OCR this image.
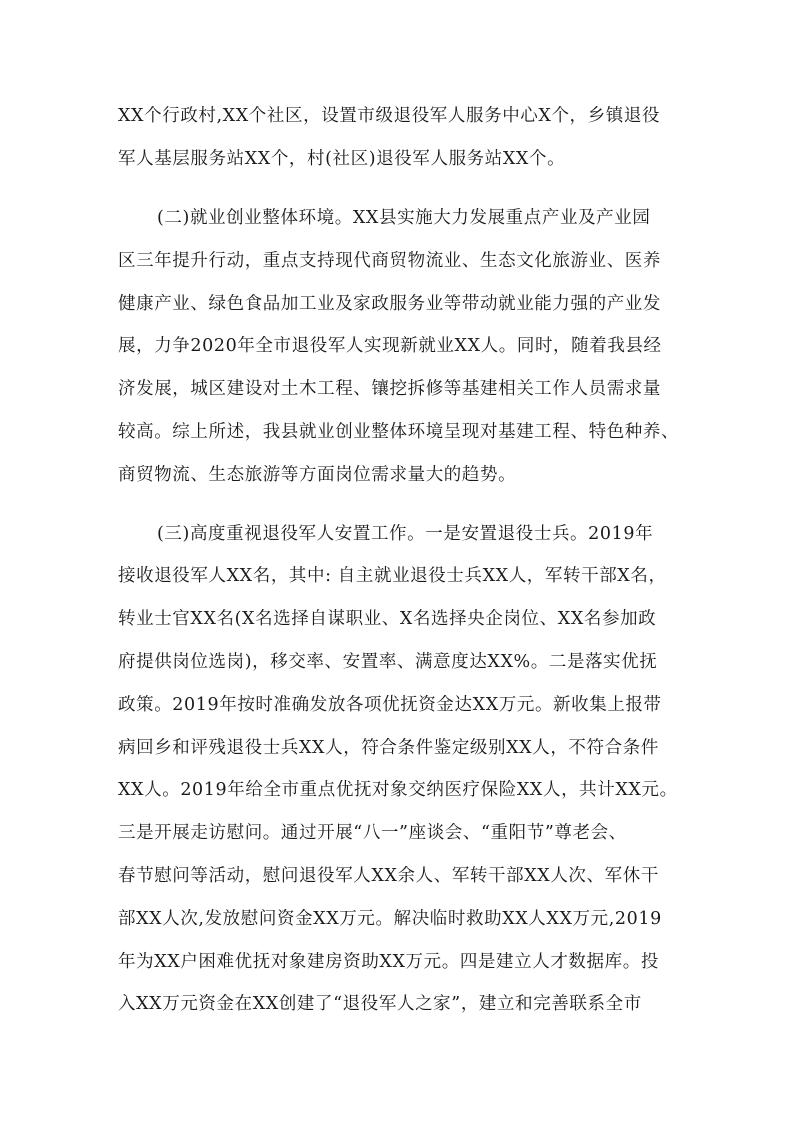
XX个行政村,XX个社区，设置市级退役军人服务中心X个，乡镇退役
军人基层服务站XX个，村(社区)退役军人服务站XX个。
(二)就业创业整体环境。XX县实施大力发展重点产业及产业园
区三年提升行动，重点支持现代商贸物流业、生态文化旅游业、医养
健康产业、绿色食品加工业及家政服务业等带动就业能力强的产业发
展，力争2020年全市退役军人实现新就业XX人。同时，随着我县经
济发展，城区建设对土木工程、镶挖拆修等基建相关工作人员需求量
较高。综上所述，我县就业创业整体环境呈现对基建工程、特色种养、
商贸物流、生态旅游等方面岗位需求量大的趋势。
(三)高度重视退役军人安置工作。一是安置退役士兵。2019年
接收退役军人XX名，其中: 自主就业退役士兵XX人，军转干部X名，
转业士官XX名(X名选择自谋职业、X名选择央企岗位、XX名参加政
府提供岗位选岗)，移交率、安置率、满意度达XX%。二是落实优抚
政策。2019年按时准确发放各项优抚资金达XX万元。新收集上报带
病回乡和评残退役士兵XX人，符合条件鉴定级别XX人，不符合条件
XX人。2019年给全市重点优抚对象交纳医疗保险XX人，共计XX元。
三是开展走访慰问。通过开展“八一”座谈会、“重阳节”尊老会、
春节慰问等活动，慰问退役军人XX余人、军转干部XX人次、军休干
部XX人次,发放慰问资金XX万元。解决临时救助XX人XX万元,2019
年为XX户困难优抚对象建房资助XX万元。四是建立人才数据库。投
入XX万元资金在XX创建了“退役军人之家”，建立和完善联系全市
